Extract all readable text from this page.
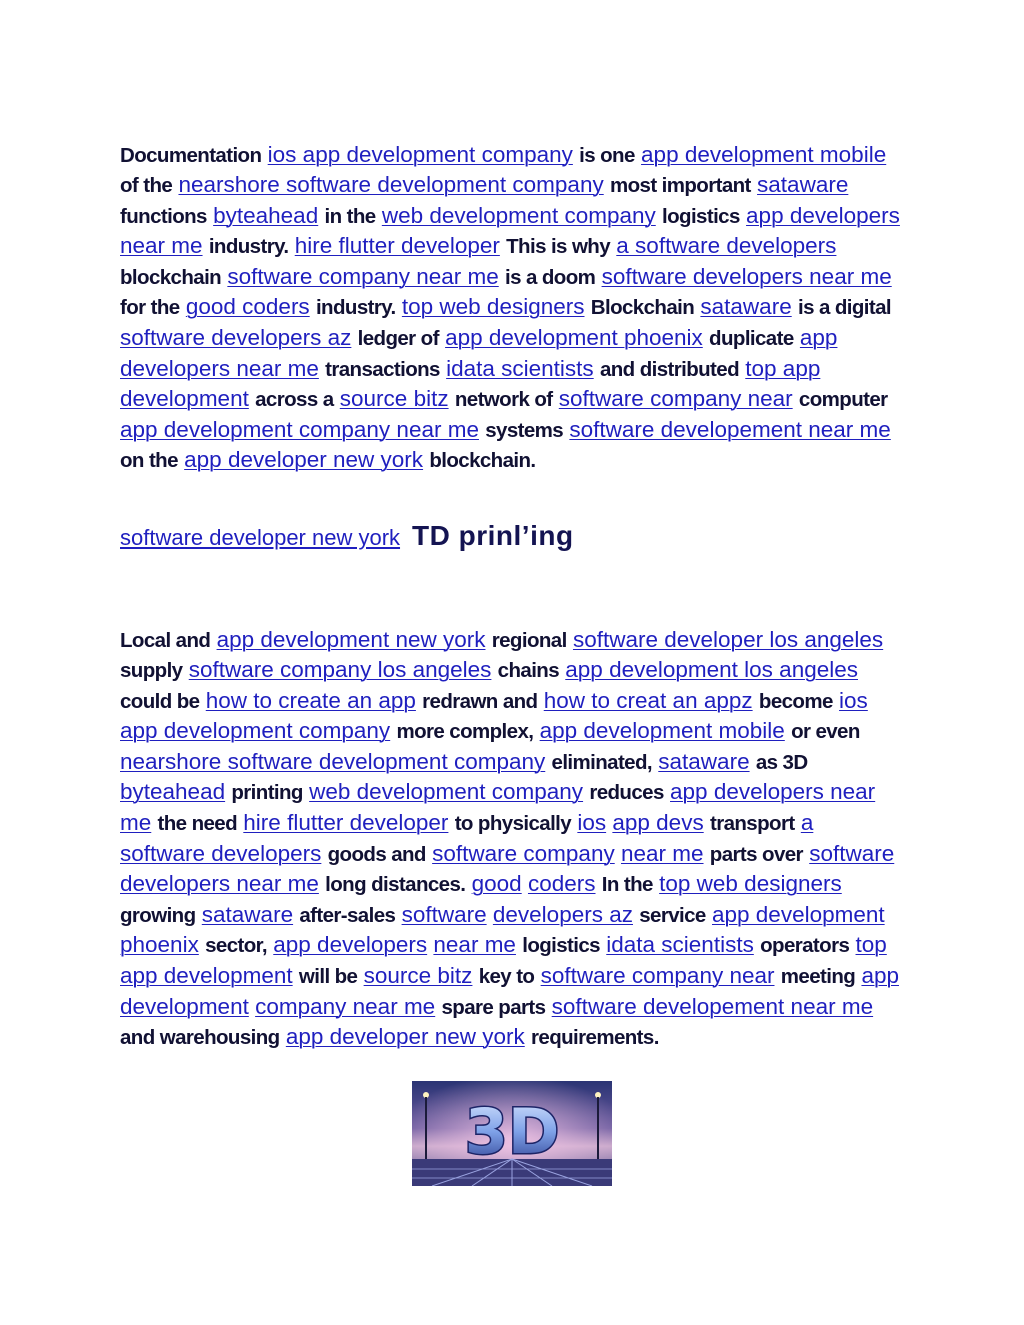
Documentation ios app development company is one app development mobile of the nearshore software development company most important sataware functions byteahead in the web development company logistics app developers near me industry. hire flutter developer This is why a software developers blockchain software company near me is a doom software developers near me for the good coders industry. top web designers Blockchain sataware is a digital software developers az ledger of app development phoenix duplicate app developers near me transactions idata scientists and distributed top app development across a source bitz network of software company near computer app development company near me systems software developement near me on the app developer new york blockchain.

software developer new york TD prinl’ing

Local and app development new york regional software developer los angeles supply software company los angeles chains app development los angeles could be how to create an app redrawn and how to creat an appz become ios app development company more complex, app development mobile or even nearshore software development company eliminated, sataware as 3D byteahead printing web development company reduces app developers near me the need hire flutter developer to physically ios app devs transport a software developers goods and software company near me parts over software developers near me long distances. good coders In the top web designers growing sataware after-sales software developers az service app development phoenix sector, app developers near me logistics idata scientists operators top app development will be source bitz key to software company near meeting app development company near me spare parts software developement near me and warehousing app developer new york requirements.

3D
